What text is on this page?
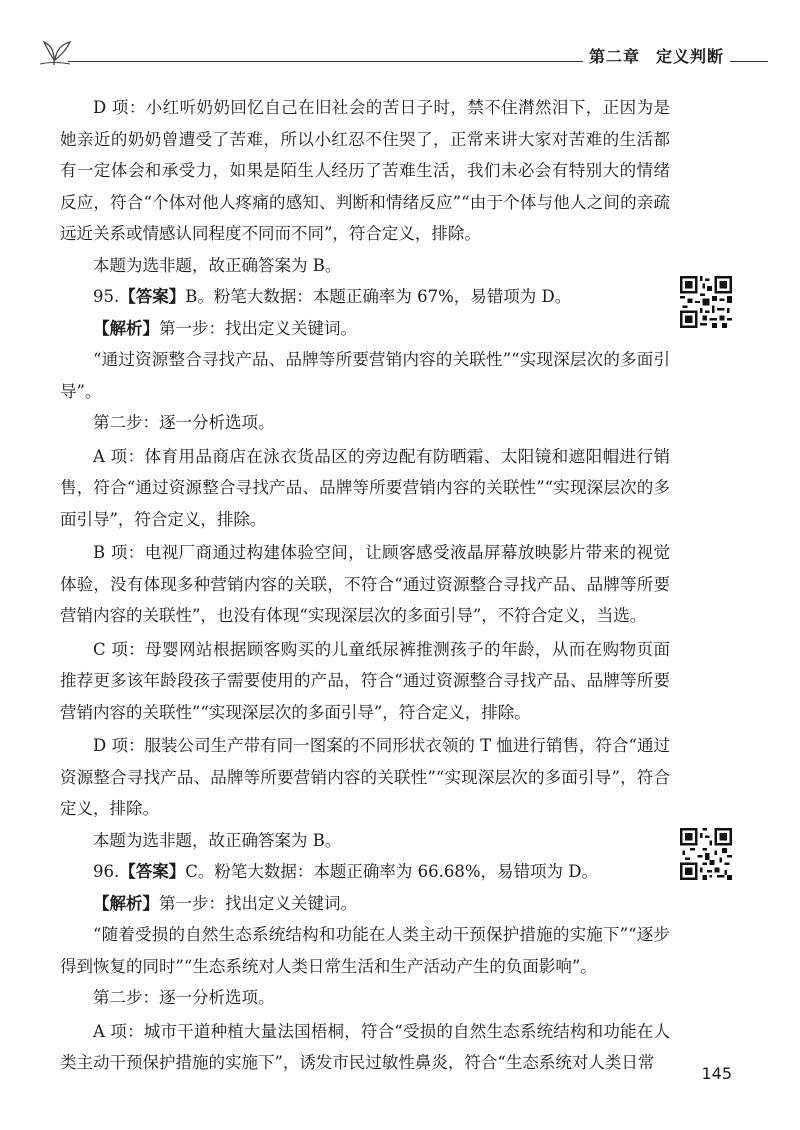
第二章 定义判断

D 项：小红听奶奶回忆自己在旧社会的苦日子时，禁不住潸然泪下，正因为是她亲近的奶奶曾遭受了苦难，所以小红忍不住哭了，正常来讲大家对苦难的生活都有一定体会和承受力，如果是陌生人经历了苦难生活，我们未必会有特别大的情绪反应，符合“个体对他人疼痛的感知、判断和情绪反应”“由于个体与他人之间的亲疏远近关系或情感认同程度不同而不同”，符合定义，排除。

本题为选非题，故正确答案为 B。

95.【答案】B。粉笔大数据：本题正确率为 67%，易错项为 D。

【解析】第一步：找出定义关键词。

“通过资源整合寻找产品、品牌等所要营销内容的关联性”“实现深层次的多面引导”。

第二步：逐一分析选项。

A 项：体育用品商店在泳衣货品区的旁边配有防晒霜、太阳镜和遮阳帽进行销售，符合“通过资源整合寻找产品、品牌等所要营销内容的关联性”“实现深层次的多面引导”，符合定义，排除。

B 项：电视厂商通过构建体验空间，让顾客感受液晶屏幕放映影片带来的视觉体验，没有体现多种营销内容的关联，不符合“通过资源整合寻找产品、品牌等所要营销内容的关联性”，也没有体现“实现深层次的多面引导”，不符合定义，当选。

C 项：母婴网站根据顾客购买的儿童纸尿裤推测孩子的年龄，从而在购物页面推荐更多该年龄段孩子需要使用的产品，符合“通过资源整合寻找产品、品牌等所要营销内容的关联性”“实现深层次的多面引导”，符合定义，排除。

D 项：服装公司生产带有同一图案的不同形状衣领的 T 恤进行销售，符合“通过资源整合寻找产品、品牌等所要营销内容的关联性”“实现深层次的多面引导”，符合定义，排除。

本题为选非题，故正确答案为 B。

96.【答案】C。粉笔大数据：本题正确率为 66.68%，易错项为 D。

【解析】第一步：找出定义关键词。

“随着受损的自然生态系统结构和功能在人类主动干预保护措施的实施下”“逐步得到恢复的同时”“生态系统对人类日常生活和生产活动产生的负面影响”。

第二步：逐一分析选项。

A 项：城市干道种植大量法国梧桐，符合“受损的自然生态系统结构和功能在人类主动干预保护措施的实施下”，诱发市民过敏性鼻炎，符合“生态系统对人类日常

145
